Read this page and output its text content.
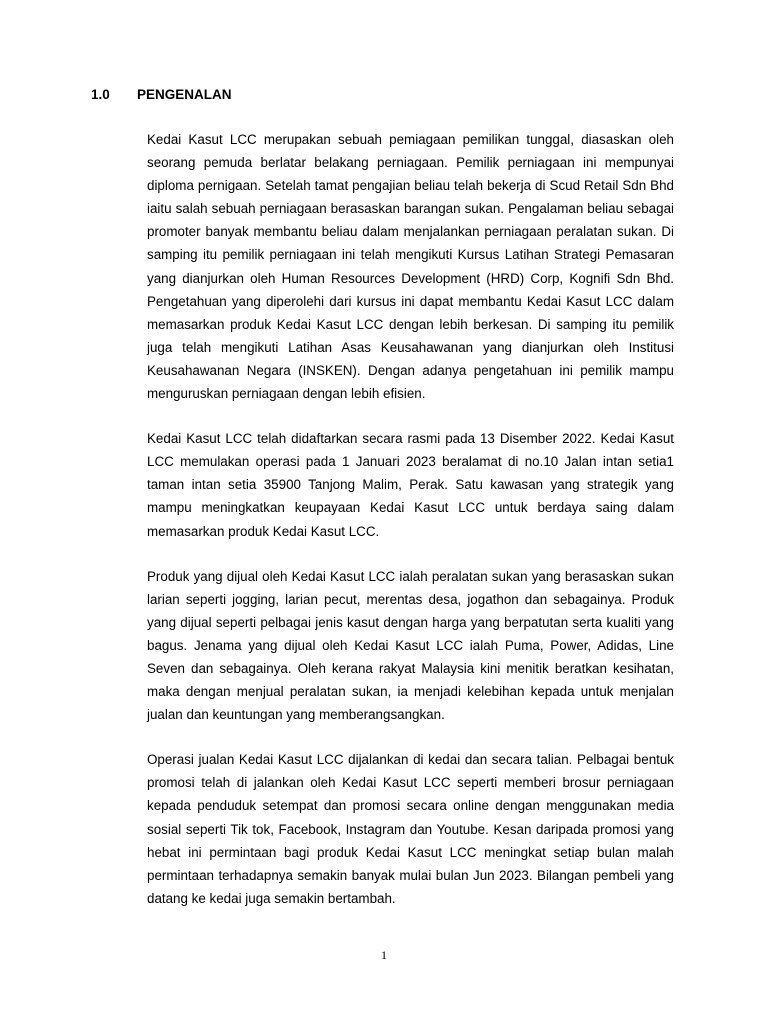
1.0 PENGENALAN

Kedai Kasut LCC merupakan sebuah pemiagaan pemilikan tunggal, diasaskan oleh seorang pemuda berlatar belakang perniagaan. Pemilik perniagaan ini mempunyai diploma pernigaan. Setelah tamat pengajian beliau telah bekerja di Scud Retail Sdn Bhd iaitu salah sebuah perniagaan berasaskan barangan sukan. Pengalaman beliau sebagai promoter banyak membantu beliau dalam menjalankan perniagaan peralatan sukan. Di samping itu pemilik perniagaan ini telah mengikuti Kursus Latihan Strategi Pemasaran yang dianjurkan oleh Human Resources Development (HRD) Corp, Kognifi Sdn Bhd. Pengetahuan yang diperolehi dari kursus ini dapat membantu Kedai Kasut LCC dalam memasarkan produk Kedai Kasut LCC dengan lebih berkesan. Di samping itu pemilik juga telah mengikuti Latihan Asas Keusahawanan yang dianjurkan oleh Institusi Keusahawanan Negara (INSKEN). Dengan adanya pengetahuan ini pemilik mampu menguruskan perniagaan dengan lebih efisien.

Kedai Kasut LCC telah didaftarkan secara rasmi pada 13 Disember 2022. Kedai Kasut LCC memulakan operasi pada 1 Januari 2023 beralamat di no.10 Jalan intan setia1 taman intan setia 35900 Tanjong Malim, Perak. Satu kawasan yang strategik yang mampu meningkatkan keupayaan Kedai Kasut LCC untuk berdaya saing dalam memasarkan produk Kedai Kasut LCC.

Produk yang dijual oleh Kedai Kasut LCC ialah peralatan sukan yang berasaskan sukan larian seperti jogging, larian pecut, merentas desa, jogathon dan sebagainya. Produk yang dijual seperti pelbagai jenis kasut dengan harga yang berpatutan serta kualiti yang bagus. Jenama yang dijual oleh Kedai Kasut LCC ialah Puma, Power, Adidas, Line Seven dan sebagainya. Oleh kerana rakyat Malaysia kini menitik beratkan kesihatan, maka dengan menjual peralatan sukan, ia menjadi kelebihan kepada untuk menjalan jualan dan keuntungan yang memberangsangkan.

Operasi jualan Kedai Kasut LCC dijalankan di kedai dan secara talian. Pelbagai bentuk promosi telah di jalankan oleh Kedai Kasut LCC seperti memberi brosur perniagaan kepada penduduk setempat dan promosi secara online dengan menggunakan media sosial seperti Tik tok, Facebook, Instagram dan Youtube. Kesan daripada promosi yang hebat ini permintaan bagi produk Kedai Kasut LCC meningkat setiap bulan malah permintaan terhadapnya semakin banyak mulai bulan Jun 2023. Bilangan pembeli yang datang ke kedai juga semakin bertambah.

1
